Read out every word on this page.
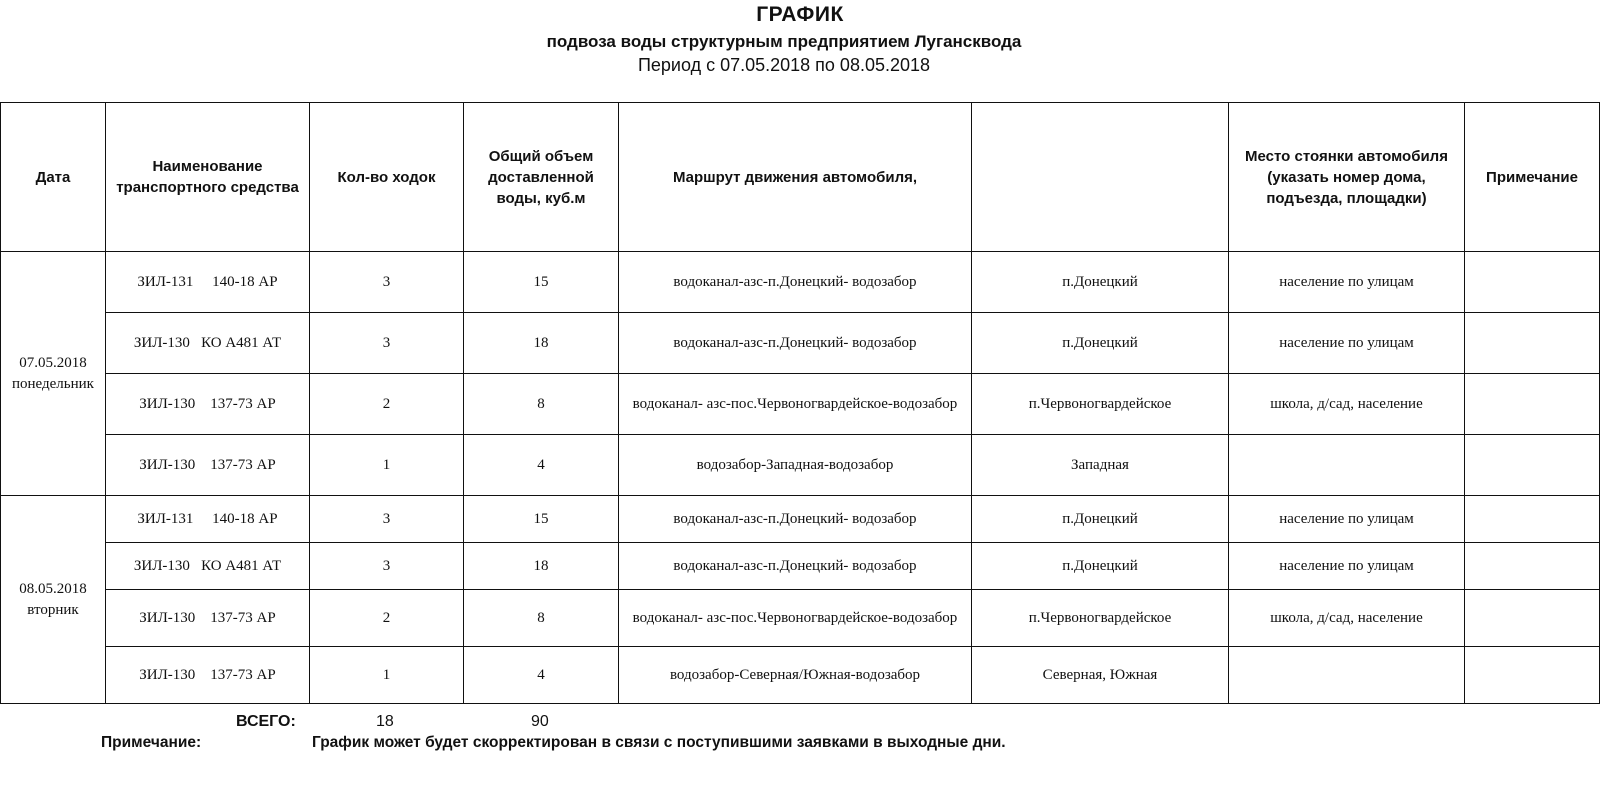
ГРАФИК
подвоза воды структурным предприятием Лугансквода
Период с 07.05.2018 по 08.05.2018
Дата	Наименование транспортного средства	Кол-во ходок	Общий объем доставленной воды, куб.м	Маршрут движения автомобиля,		Место стоянки автомобиля (указать номер дома, подъезда, площадки)	Примечание

07.05.2018
понедельник	ЗИЛ-131     140-18 АР	3	15	водоканал-азс-п.Донецкий- водозабор	п.Донецкий	население по улицам	
	ЗИЛ-130   КО А481 АТ	3	18	водоканал-азс-п.Донецкий- водозабор	п.Донецкий	население по улицам	
	ЗИЛ-130    137-73 АР	2	8	водоканал- азс-пос.Червоногвардейское-водозабор	п.Червоногвардейское	школа, д/сад, население	
	ЗИЛ-130    137-73 АР	1	4	водозабор-Западная-водозабор	Западная		

08.05.2018
вторник	ЗИЛ-131     140-18 АР	3	15	водоканал-азс-п.Донецкий- водозабор	п.Донецкий	население по улицам	
	ЗИЛ-130   КО А481 АТ	3	18	водоканал-азс-п.Донецкий- водозабор	п.Донецкий	население по улицам	
	ЗИЛ-130    137-73 АР	2	8	водоканал- азс-пос.Червоногвардейское-водозабор	п.Червоногвардейское	школа, д/сад, население	
	ЗИЛ-130    137-73 АР	1	4	водозабор-Северная/Южная-водозабор	Северная, Южная		
ВСЕГО:	18	90
Примечание:	График может будет скорректирован в связи с поступившими заявками в выходные дни.
